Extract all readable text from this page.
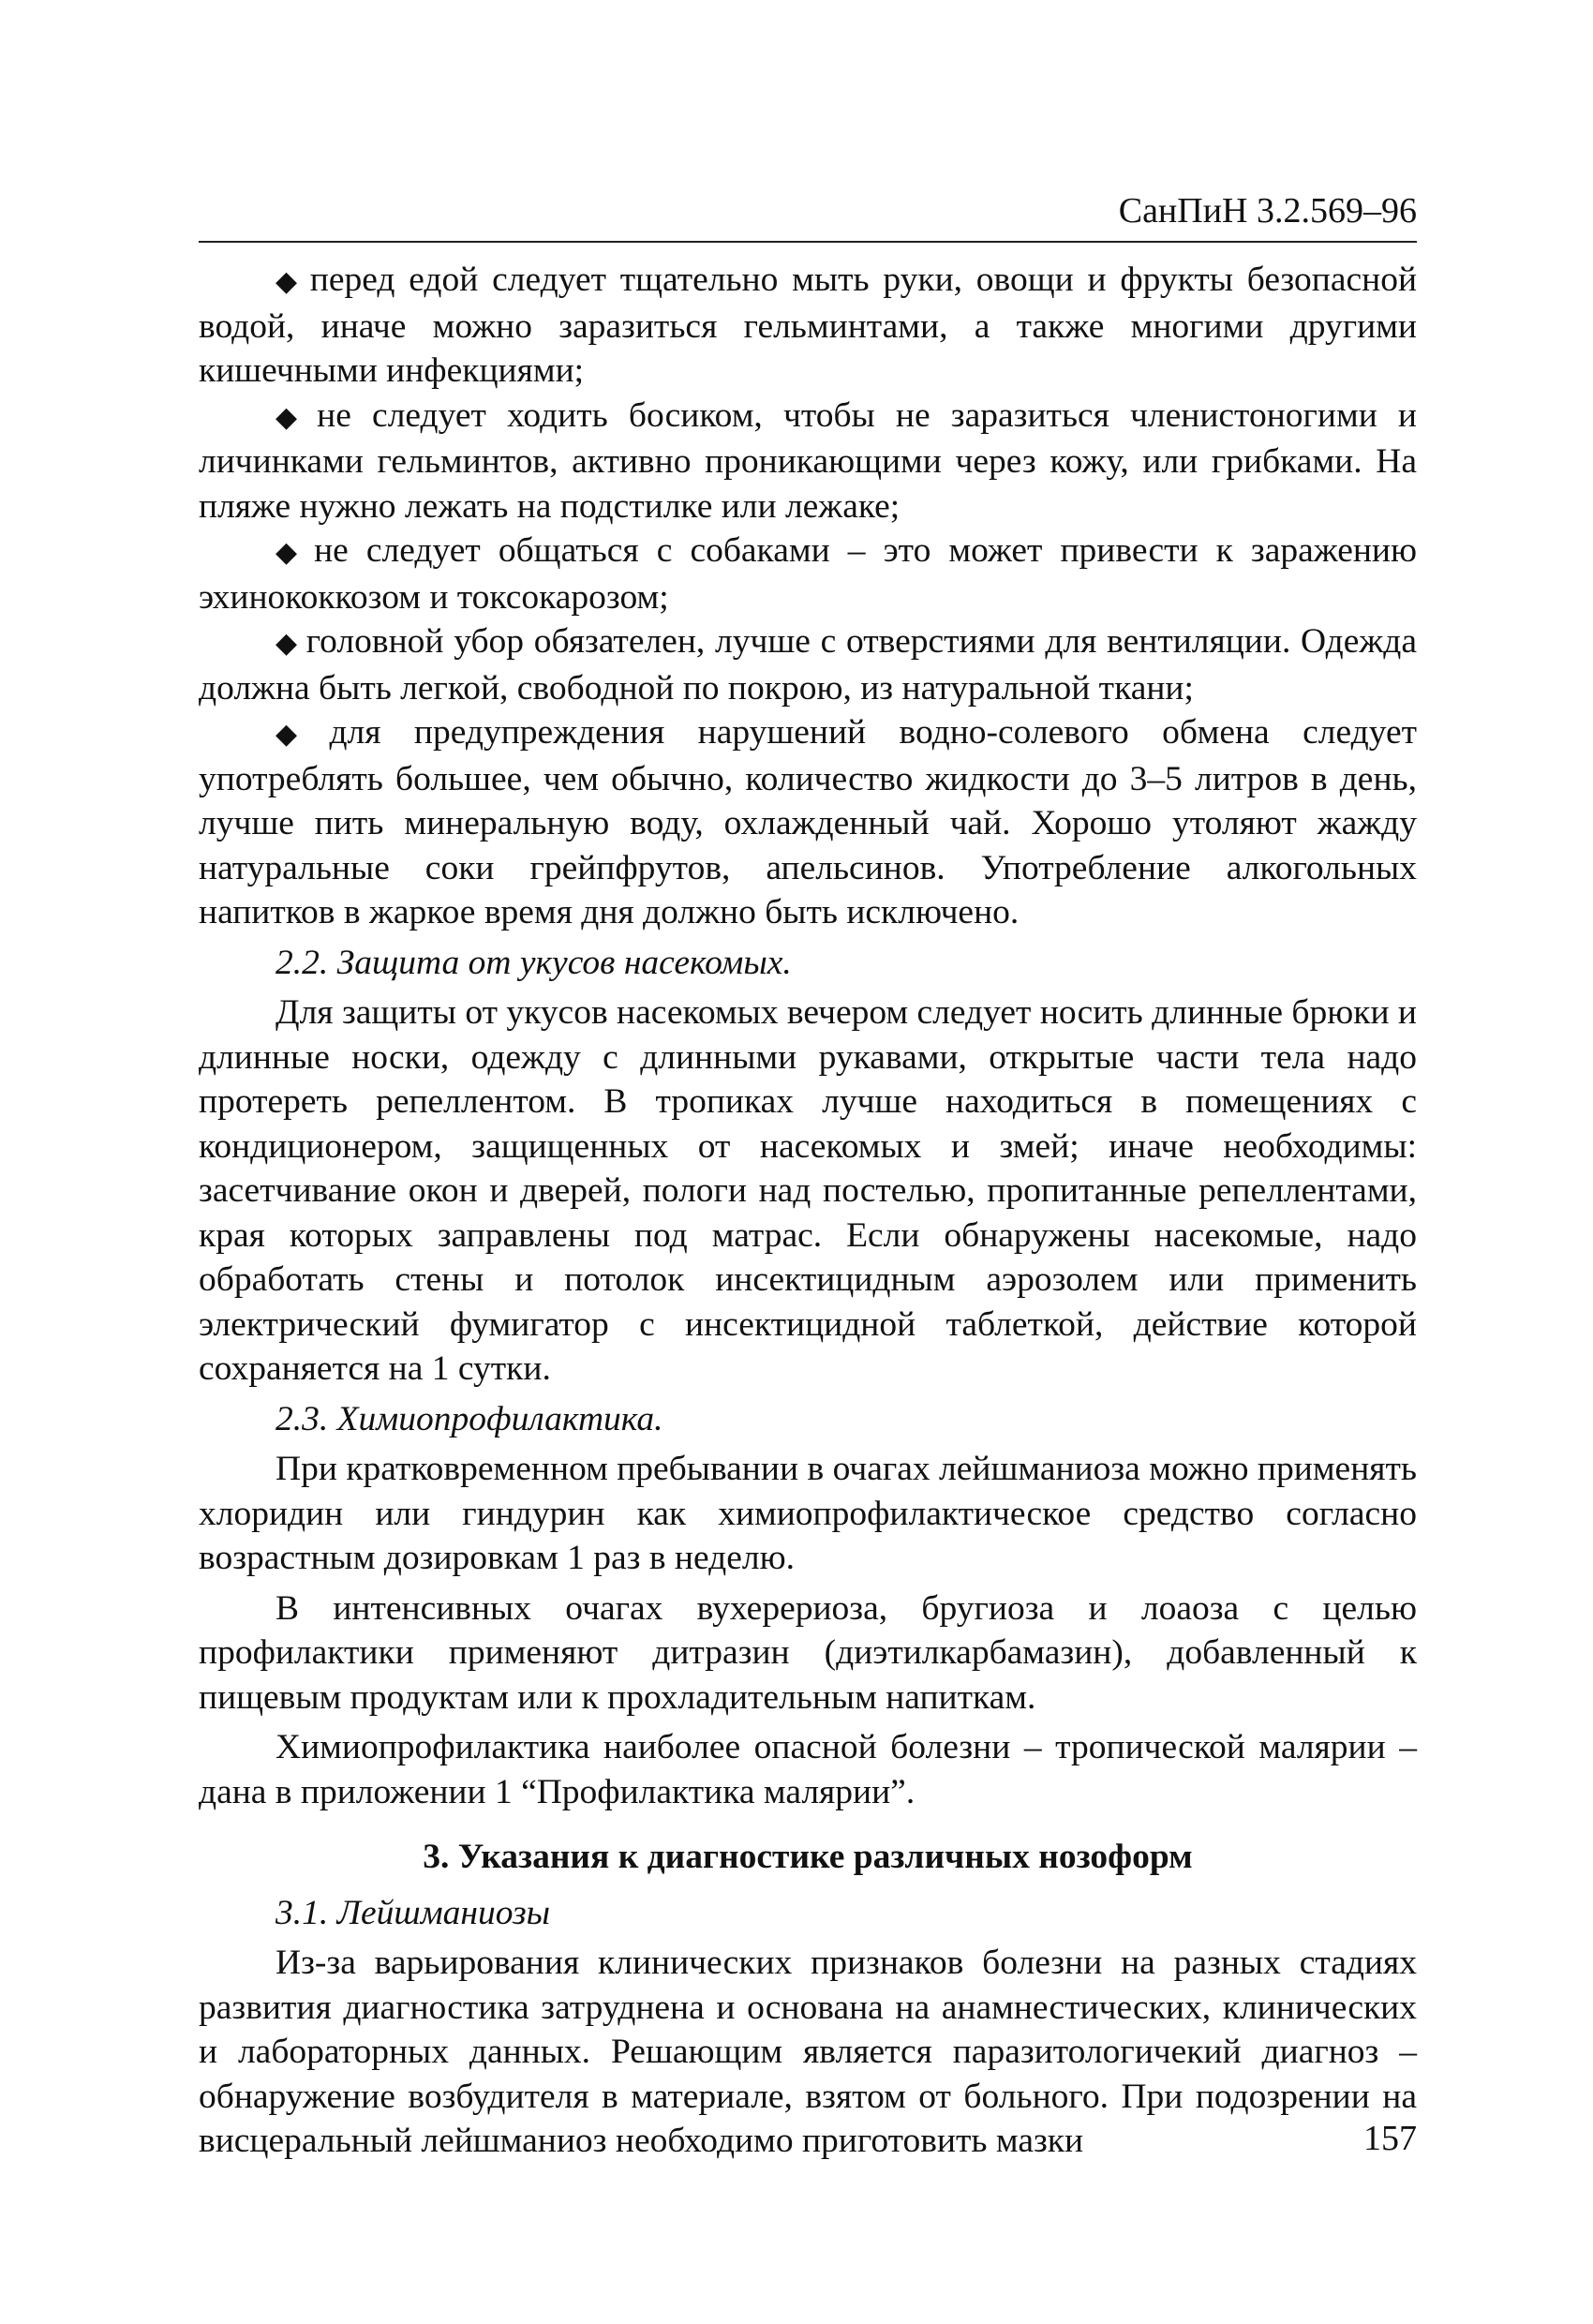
СанПиН 3.2.569–96

◆ перед едой следует тщательно мыть руки, овощи и фрукты безопасной водой, иначе можно заразиться гельминтами, а также многими другими кишечными инфекциями;

◆ не следует ходить босиком, чтобы не заразиться членистоногими и личинками гельминтов, активно проникающими через кожу, или грибками. На пляже нужно лежать на подстилке или лежаке;

◆ не следует общаться с собаками – это может привести к заражению эхинококкозом и токсокарозом;

◆ головной убор обязателен, лучше с отверстиями для вентиляции. Одежда должна быть легкой, свободной по покрою, из натуральной ткани;

◆ для предупреждения нарушений водно-солевого обмена следует употреблять большее, чем обычно, количество жидкости до 3–5 литров в день, лучше пить минеральную воду, охлажденный чай. Хорошо утоляют жажду натуральные соки грейпфрутов, апельсинов. Употребление алкогольных напитков в жаркое время дня должно быть исключено.

2.2. Защита от укусов насекомых.

Для защиты от укусов насекомых вечером следует носить длинные брюки и длинные носки, одежду с длинными рукавами, открытые части тела надо протереть репеллентом. В тропиках лучше находиться в помещениях с кондиционером, защищенных от насекомых и змей; иначе необходимы: засетчивание окон и дверей, пологи над постелью, пропитанные репеллентами, края которых заправлены под матрас. Если обнаружены насекомые, надо обработать стены и потолок инсектицидным аэрозолем или применить электрический фумигатор с инсектицидной таблеткой, действие которой сохраняется на 1 сутки.

2.3. Химиопрофилактика.

При кратковременном пребывании в очагах лейшманиоза можно применять хлоридин или гиндурин как химиопрофилактическое средство согласно возрастным дозировкам 1 раз в неделю.

В интенсивных очагах вухерериоза, бругиоза и лоаоза с целью профилактики применяют дитразин (диэтилкарбамазин), добавленный к пищевым продуктам или к прохладительным напиткам.

Химиопрофилактика наиболее опасной болезни – тропической малярии – дана в приложении 1 “Профилактика малярии”.

3. Указания к диагностике различных нозоформ

3.1. Лейшманиозы

Из-за варьирования клинических признаков болезни на разных стадиях развития диагностика затруднена и основана на анамнестических, клинических и лабораторных данных. Решающим является паразитологичекий диагноз – обнаружение возбудителя в материале, взятом от больного. При подозрении на висцеральный лейшманиоз необходимо приготовить мазки	157
